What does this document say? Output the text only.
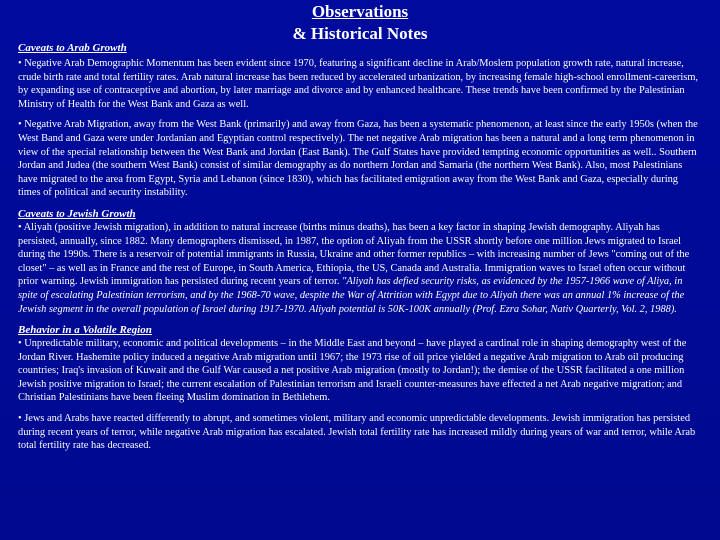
Observations
& Historical Notes
Caveats to Arab Growth

• Negative Arab Demographic Momentum has been evident since 1970, featuring a significant decline in Arab/Moslem population growth rate, natural increase, crude birth rate and total fertility rates. Arab natural increase has been reduced by accelerated urbanization, by increasing female high-school enrollment-careerism, by expanding use of contraceptive and abortion, by later marriage and divorce and by enhanced healthcare. These trends have been confirmed by the Palestinian Ministry of Health for the West Bank and Gaza as well.

• Negative Arab Migration, away from the West Bank (primarily) and away from Gaza, has been a systematic phenomenon, at least since the early 1950s (when the West Band and Gaza were under Jordanian and Egyptian control respectively). The net negative Arab migration has been a natural and a long term phenomenon in view of the special relationship between the West Bank and Jordan (East Bank). The Gulf States have provided tempting economic opportunities as well.. Southern Jordan and Judea (the southern West Bank) consist of similar demography as do northern Jordan and Samaria (the northern West Bank). Also, most Palestinians have migrated to the area from Egypt, Syria and Lebanon (since 1830), which has facilitated emigration away from the West Bank and Gaza, especially during times of political and security instability.

Caveats to Jewish Growth

• Aliyah (positive Jewish migration), in addition to natural increase (births minus deaths), has been a key factor in shaping Jewish demography. Aliyah has persisted, annually, since 1882. Many demographers dismissed, in 1987, the option of Aliyah from the USSR shortly before one million Jews migrated to Israel during the 1990s. There is a reservoir of potential immigrants in Russia, Ukraine and other former republics – with increasing number of Jews "coming out of the closet" – as well as in France and the rest of Europe, in South America, Ethiopia, the US, Canada and Australia. Immigration waves to Israel often occur without prior warning. Jewish immigration has persisted during recent years of terror. "Aliyah has defied security risks, as evidenced by the 1957-1966 wave of Aliya, in spite of escalating Palestinian terrorism, and by the 1968-70 wave, despite the War of Attrition with Egypt due to Aliyah there was an annual 1% increase of the Jewish segment in the overall population of Israel during 1917-1970. Aliyah potential is 50K-100K annually (Prof. Ezra Sohar, Nativ Quarterly, Vol. 2, 1988).

Behavior in a Volatile Region

• Unpredictable military, economic and political developments – in the Middle East and beyond – have played a cardinal role in shaping demography west of the Jordan River. Hashemite policy induced a negative Arab migration until 1967; the 1973 rise of oil price yielded a negative Arab migration to Arab oil producing countries; Iraq's invasion of Kuwait and the Gulf War caused a net positive Arab migration (mostly to Jordan!); the demise of the USSR facilitated a one million Jewish positive migration to Israel; the current escalation of Palestinian terrorism and Israeli counter-measures have effected a net Arab negative migration; and Christian Palestinians have been fleeing Muslim domination in Bethlehem.

• Jews and Arabs have reacted differently to abrupt, and sometimes violent, military and economic unpredictable developments. Jewish immigration has persisted during recent years of terror, while negative Arab migration has escalated. Jewish total fertility rate has increased mildly during years of war and terror, while Arab total fertility rate has decreased.
